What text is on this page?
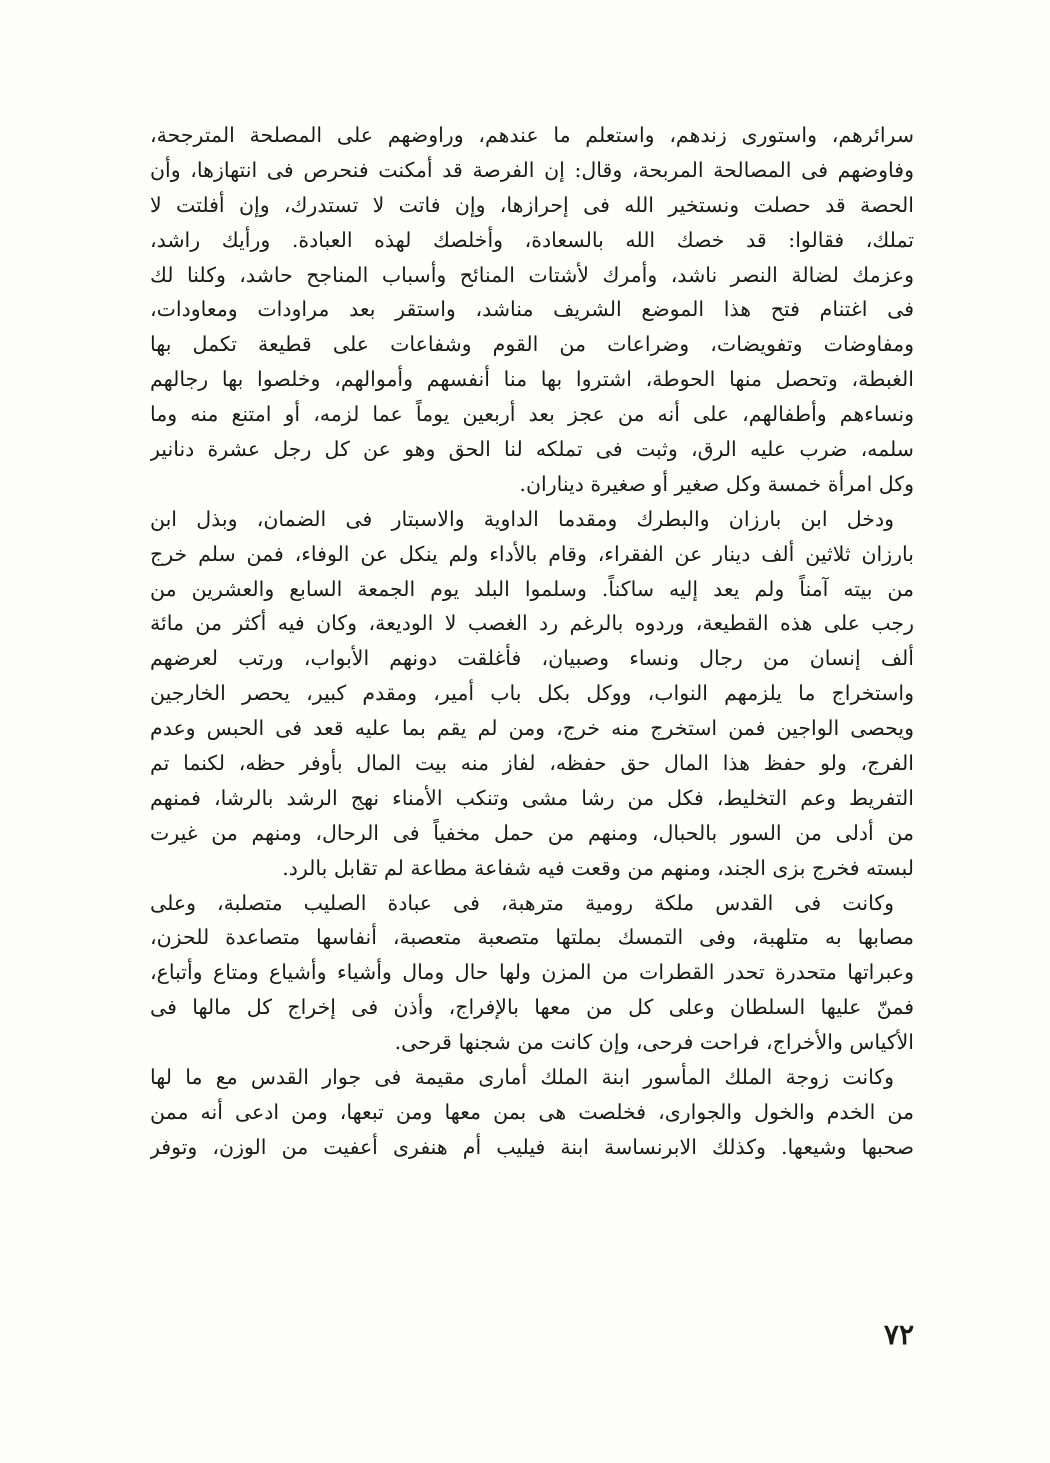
سرائرهم، واستورى زندهم، واستعلم ما عندهم، وراوضهم على المصلحة المترجحة،
وفاوضهم فى المصالحة المربحة، وقال: إن الفرصة قد أمكنت فنحرص فى انتهازها، وأن
الحصة قد حصلت ونستخير الله فى إحرازها، وإن فاتت لا تستدرك، وإن أفلتت لا
تملك، فقالوا: قد خصك الله بالسعادة، وأخلصك لهذه العبادة. ورأيك راشد،
وعزمك لضالة النصر ناشد، وأمرك لأشتات المنائح وأسباب المناجح حاشد، وكلنا لك
فى اغتنام فتح هذا الموضع الشريف مناشد، واستقر بعد مراودات ومعاودات،
ومفاوضات وتفويضات، وضراعات من القوم وشفاعات على قطيعة تكمل بها
الغبطة، وتحصل منها الحوطة، اشتروا بها منا أنفسهم وأموالهم، وخلصوا بها رجالهم
ونساءهم وأطفالهم، على أنه من عجز بعد أربعين يوماً عما لزمه، أو امتنع منه وما
سلمه، ضرب عليه الرق، وثبت فى تملكه لنا الحق وهو عن كل رجل عشرة دنانير
وكل امرأة خمسة وكل صغير أو صغيرة ديناران.
ودخل ابن بارزان والبطرك ومقدما الداوية والاسبتار فى الضمان، وبذل ابن
بارزان ثلاثين ألف دينار عن الفقراء، وقام بالأداء ولم ينكل عن الوفاء، فمن سلم خرج
من بيته آمناً ولم يعد إليه ساكناً. وسلموا البلد يوم الجمعة السابع والعشرين من
رجب على هذه القطيعة، وردوه بالرغم رد الغصب لا الوديعة، وكان فيه أكثر من مائة
ألف إنسان من رجال ونساء وصبيان، فأغلقت دونهم الأبواب، ورتب لعرضهم
واستخراج ما يلزمهم النواب، ووكل بكل باب أمير، ومقدم كبير، يحصر الخارجين
ويحصى الواجين فمن استخرج منه خرج، ومن لم يقم بما عليه قعد فى الحبس وعدم
الفرج، ولو حفظ هذا المال حق حفظه، لفاز منه بيت المال بأوفر حظه، لكنما تم
التفريط وعم التخليط، فكل من رشا مشى وتنكب الأمناء نهج الرشد بالرشا، فمنهم
من أدلى من السور بالحبال، ومنهم من حمل مخفياً فى الرحال، ومنهم من غيرت
لبسته فخرج بزى الجند، ومنهم من وقعت فيه شفاعة مطاعة لم تقابل بالرد.
وكانت فى القدس ملكة رومية مترهبة، فى عبادة الصليب متصلبة، وعلى
مصابها به متلهبة، وفى التمسك بملتها متصعبة متعصبة، أنفاسها متصاعدة للحزن،
وعبراتها متحدرة تحدر القطرات من المزن ولها حال ومال وأشياء وأشياع ومتاع وأتباع،
فمنّ عليها السلطان وعلى كل من معها بالإفراج، وأذن فى إخراج كل مالها فى
الأكياس والأخراج، فراحت فرحى، وإن كانت من شجنها قرحى.
وكانت زوجة الملك المأسور ابنة الملك أمارى مقيمة فى جوار القدس مع ما لها
من الخدم والخول والجوارى، فخلصت هى بمن معها ومن تبعها، ومن ادعى أنه ممن
صحبها وشيعها. وكذلك الابرنساسة ابنة فيليب أم هنفرى أعفيت من الوزن، وتوفر
٧٢
